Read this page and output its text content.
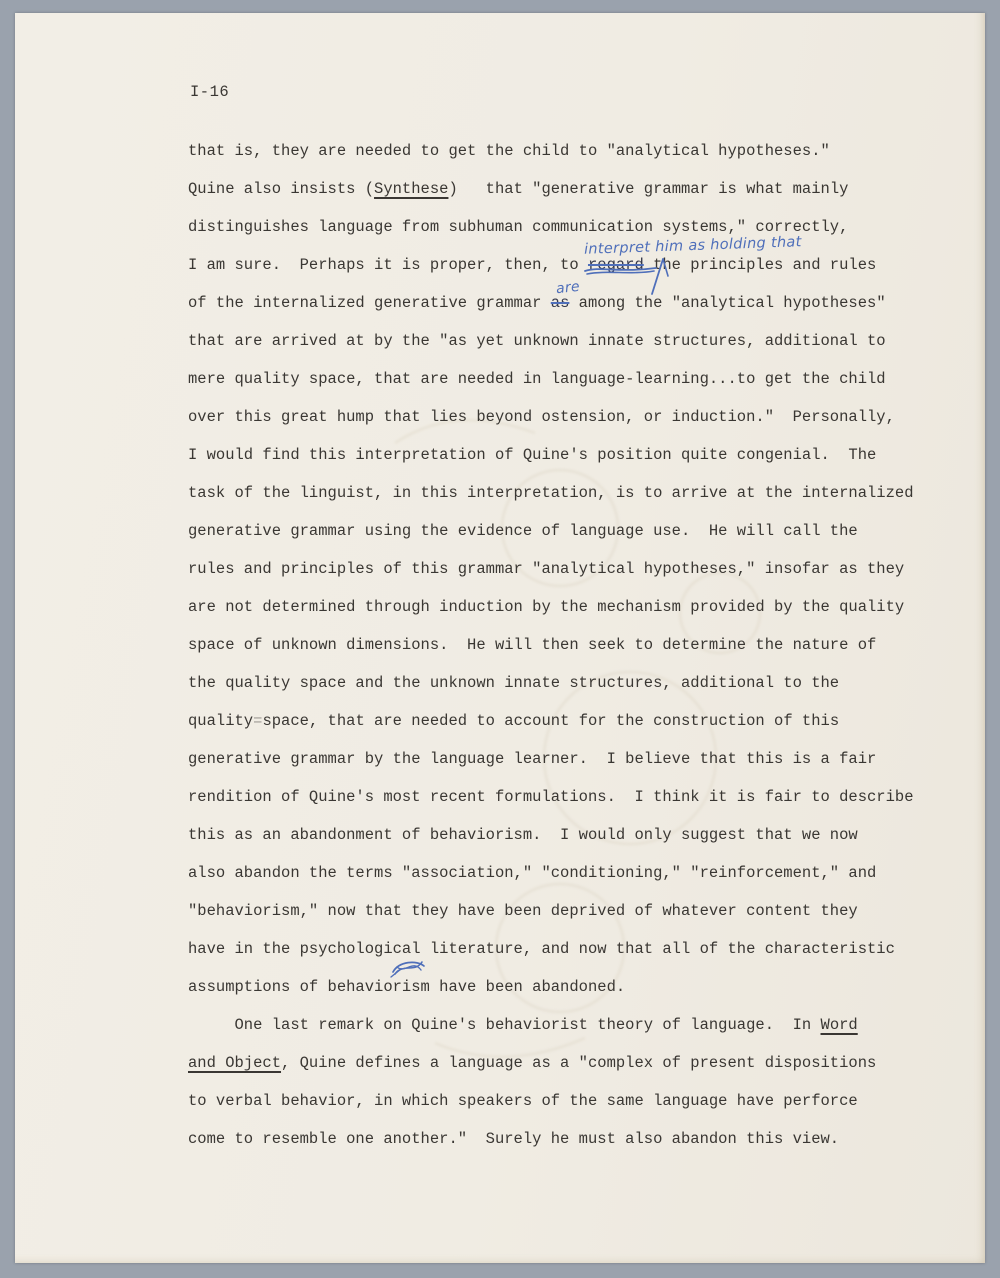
I-16
that is, they are needed to get the child to "analytical hypotheses."
Quine also insists (Synthese)   that "generative grammar is what mainly
distinguishes language from subhuman communication systems," correctly,
I am sure.  Perhaps it is proper, then, to regard the principles and rules
of the internalized generative grammar as among the "analytical hypotheses"
that are arrived at by the "as yet unknown innate structures, additional to
mere quality space, that are needed in language-learning...to get the child
over this great hump that lies beyond ostension, or induction."  Personally,
I would find this interpretation of Quine's position quite congenial.  The
task of the linguist, in this interpretation, is to arrive at the internalized
generative grammar using the evidence of language use.  He will call the
rules and principles of this grammar "analytical hypotheses," insofar as they
are not determined through induction by the mechanism provided by the quality
space of unknown dimensions.  He will then seek to determine the nature of
the quality space and the unknown innate structures, additional to the
quality=space, that are needed to account for the construction of this
generative grammar by the language learner.  I believe that this is a fair
rendition of Quine's most recent formulations.  I think it is fair to describe
this as an abandonment of behaviorism.  I would only suggest that we now
also abandon the terms "association," "conditioning," "reinforcement," and
"behaviorism," now that they have been deprived of whatever content they
have in the psychological literature, and now that all of the characteristic
assumptions of behaviorism have been abandoned.
One last remark on Quine's behaviorist theory of language.  In Word
and Object, Quine defines a language as a "complex of present dispositions
to verbal behavior, in which speakers of the same language have perforce
come to resemble one another."  Surely he must also abandon this view.
interpret him as holding that
are
